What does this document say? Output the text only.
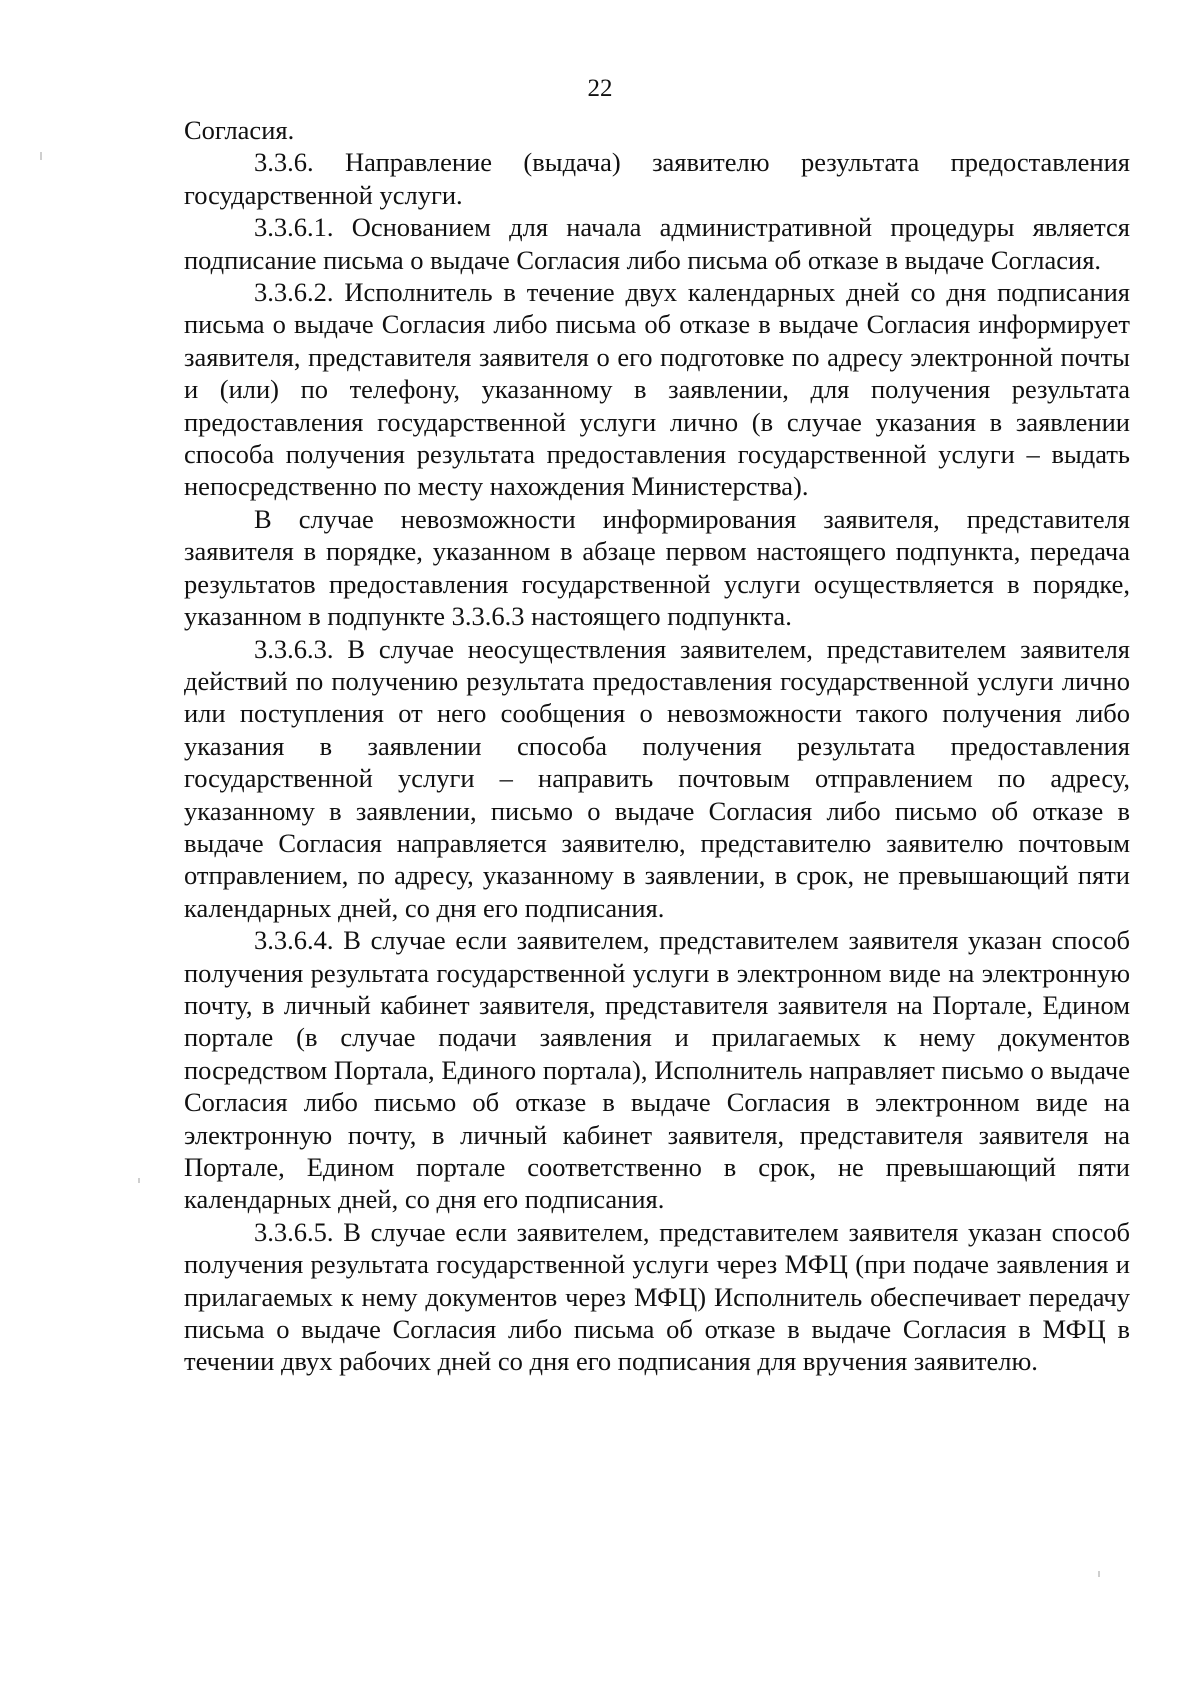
22

Согласия.

3.3.6. Направление (выдача) заявителю результата предоставления государственной услуги.

3.3.6.1. Основанием для начала административной процедуры является подписание письма о выдаче Согласия либо письма об отказе в выдаче Согласия.

3.3.6.2. Исполнитель в течение двух календарных дней со дня подписания письма о выдаче Согласия либо письма об отказе в выдаче Согласия информирует заявителя, представителя заявителя о его подготовке по адресу электронной почты и (или) по телефону, указанному в заявлении, для получения результата предоставления государственной услуги лично (в случае указания в заявлении способа получения результата предоставления государственной услуги – выдать непосредственно по месту нахождения Министерства).

В случае невозможности информирования заявителя, представителя заявителя в порядке, указанном в абзаце первом настоящего подпункта, передача результатов предоставления государственной услуги осуществляется в порядке, указанном в подпункте 3.3.6.3 настоящего подпункта.

3.3.6.3. В случае неосуществления заявителем, представителем заявителя действий по получению результата предоставления государственной услуги лично или поступления от него сообщения о невозможности такого получения либо указания в заявлении способа получения результата предоставления государственной услуги – направить почтовым отправлением по адресу, указанному в заявлении, письмо о выдаче Согласия либо письмо об отказе в выдаче Согласия направляется заявителю, представителю заявителю почтовым отправлением, по адресу, указанному в заявлении, в срок, не превышающий пяти календарных дней, со дня его подписания.

3.3.6.4. В случае если заявителем, представителем заявителя указан способ получения результата государственной услуги в электронном виде на электронную почту, в личный кабинет заявителя, представителя заявителя на Портале, Едином портале (в случае подачи заявления и прилагаемых к нему документов посредством Портала, Единого портала), Исполнитель направляет письмо о выдаче Согласия либо письмо об отказе в выдаче Согласия в электронном виде на электронную почту, в личный кабинет заявителя, представителя заявителя на Портале, Едином портале соответственно в срок, не превышающий пяти календарных дней, со дня его подписания.

3.3.6.5. В случае если заявителем, представителем заявителя указан способ получения результата государственной услуги через МФЦ (при подаче заявления и прилагаемых к нему документов через МФЦ) Исполнитель обеспечивает передачу письма о выдаче Согласия либо письма об отказе в выдаче Согласия в МФЦ в течении двух рабочих дней со дня его подписания для вручения заявителю.
